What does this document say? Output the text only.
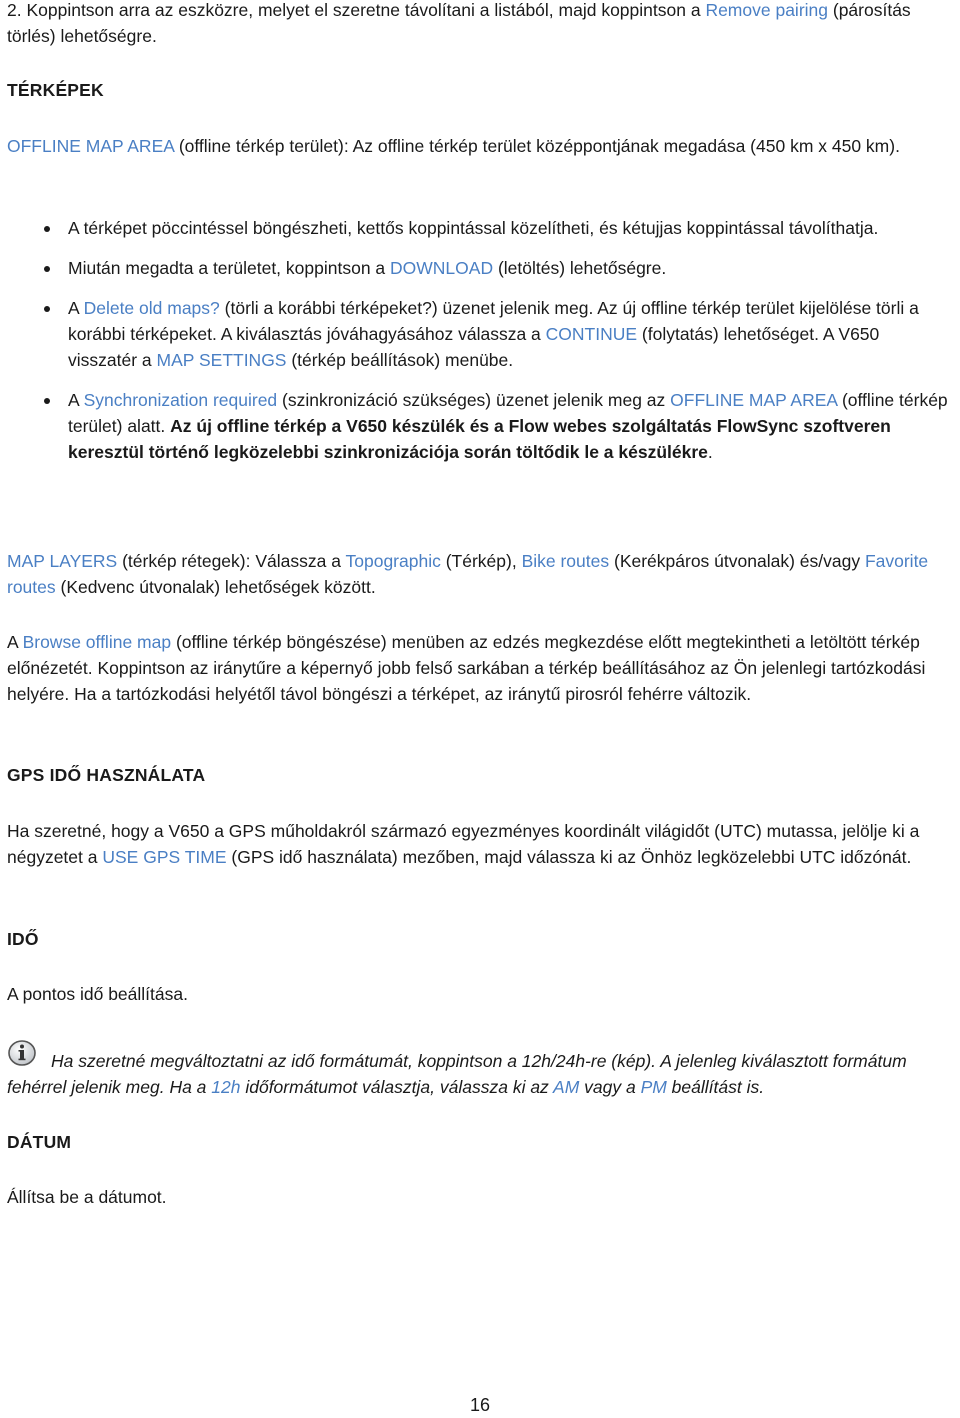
2. Koppintson arra az eszközre, melyet el szeretne távolítani a listából, majd koppintson a Remove pairing (párosítás törlés) lehetőségre.

TÉRKÉPEK

OFFLINE MAP AREA (offline térkép terület): Az offline térkép terület középpontjának megadása (450 km x 450 km).

A térképet pöccintéssel böngészheti, kettős koppintással közelítheti, és kétujjas koppintással távolíthatja.
Miután megadta a területet, koppintson a DOWNLOAD (letöltés) lehetőségre.
A Delete old maps? (törli a korábbi térképeket?) üzenet jelenik meg. Az új offline térkép terület kijelölése törli a korábbi térképeket. A kiválasztás jóváhagyásához válassza a CONTINUE (folytatás) lehetőséget. A V650 visszatér a MAP SETTINGS (térkép beállítások) menübe.
A Synchronization required (szinkronizáció szükséges) üzenet jelenik meg az OFFLINE MAP AREA (offline térkép terület) alatt. Az új offline térkép a V650 készülék és a Flow webes szolgáltatás FlowSync szoftveren keresztül történő legközelebbi szinkronizációja során töltődik le a készülékre.

MAP LAYERS (térkép rétegek): Válassza a Topographic (Térkép), Bike routes (Kerékpáros útvonalak) és/vagy Favorite routes (Kedvenc útvonalak) lehetőségek között.

A Browse offline map (offline térkép böngészése) menüben az edzés megkezdése előtt megtekintheti a letöltött térkép előnézetét. Koppintson az iránytűre a képernyő jobb felső sarkában a térkép beállításához az Ön jelenlegi tartózkodási helyére. Ha a tartózkodási helyétől távol böngészi a térképet, az iránytű pirosról fehérre változik.

GPS IDŐ HASZNÁLATA

Ha szeretné, hogy a V650 a GPS műholdakról származó egyezményes koordinált világidőt (UTC) mutassa, jelölje ki a négyzetet a USE GPS TIME (GPS idő használata) mezőben, majd válassza ki az Önhöz legközelebbi UTC időzónát.

IDŐ

A pontos idő beállítása.

Ha szeretné megváltoztatni az idő formátumát, koppintson a 12h/24h-re (kép). A jelenleg kiválasztott formátum fehérrel jelenik meg. Ha a 12h időformátumot választja, válassza ki az AM vagy a PM beállítást is.
DÁTUM

Állítsa be a dátumot.

16
